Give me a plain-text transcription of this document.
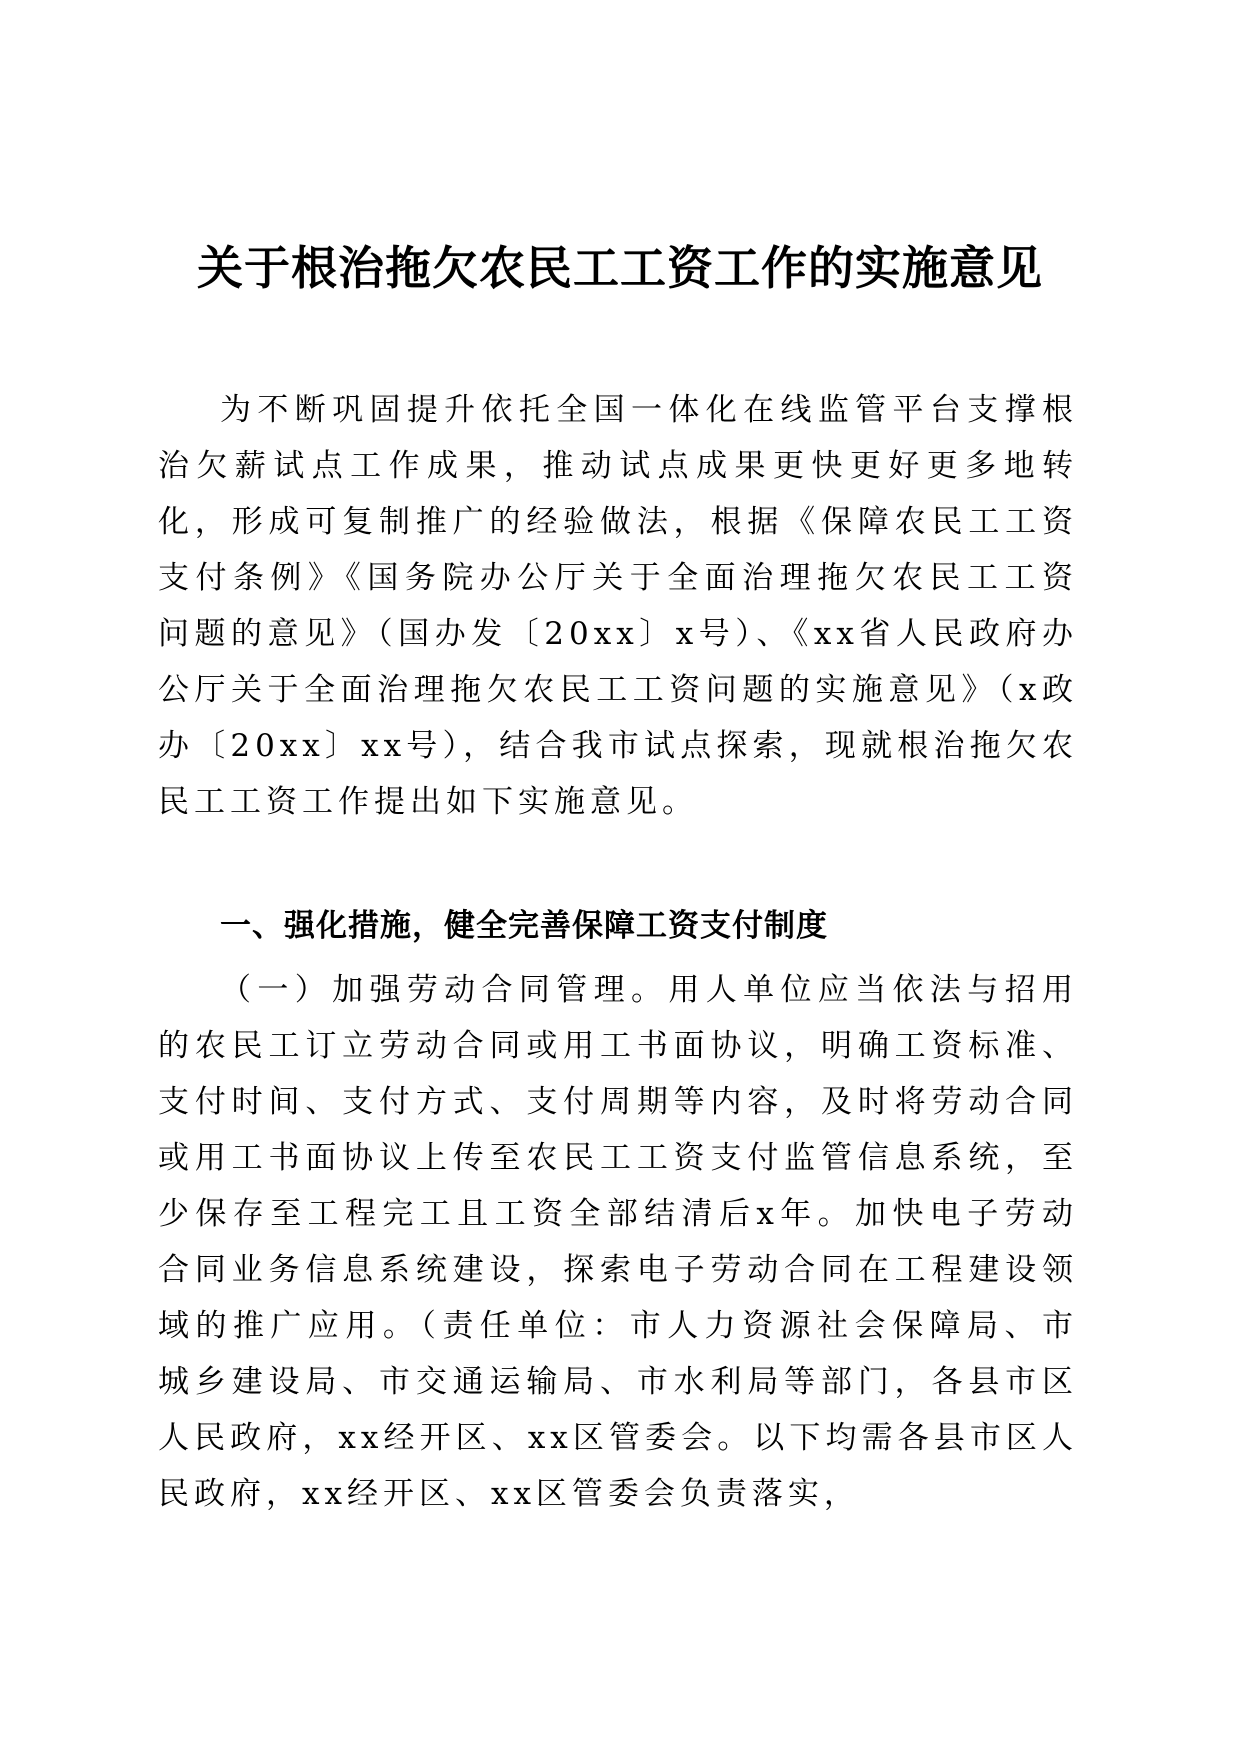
关于根治拖欠农民工工资工作的实施意见

为不断巩固提升依托全国一体化在线监管平台支撑根治欠薪试点工作成果，推动试点成果更快更好更多地转化，形成可复制推广的经验做法，根据《保障农民工工资支付条例》《国务院办公厅关于全面治理拖欠农民工工资问题的意见》（国办发〔20xx〕x号）、《xx省人民政府办公厅关于全面治理拖欠农民工工资问题的实施意见》（x政办〔20xx〕xx号），结合我市试点探索，现就根治拖欠农民工工资工作提出如下实施意见。

一、强化措施，健全完善保障工资支付制度

（一）加强劳动合同管理。用人单位应当依法与招用的农民工订立劳动合同或用工书面协议，明确工资标准、支付时间、支付方式、支付周期等内容，及时将劳动合同或用工书面协议上传至农民工工资支付监管信息系统，至少保存至工程完工且工资全部结清后x年。加快电子劳动合同业务信息系统建设，探索电子劳动合同在工程建设领域的推广应用。（责任单位：市人力资源社会保障局、市城乡建设局、市交通运输局、市水利局等部门，各县市区人民政府，xx经开区、xx区管委会。以下均需各县市区人民政府，xx经开区、xx区管委会负责落实，
